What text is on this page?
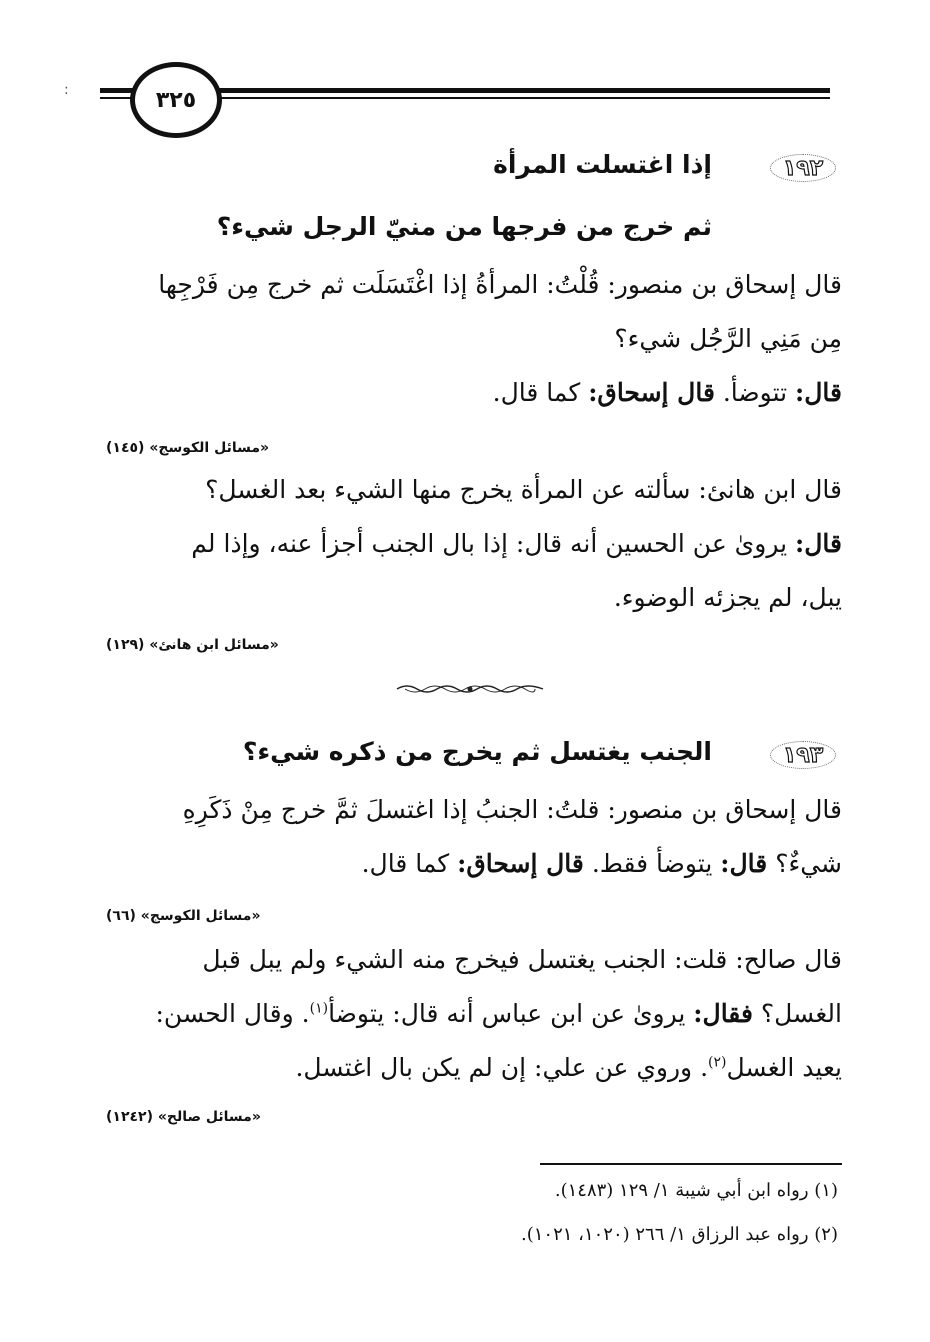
:	٣٢٥
١٩٢
إذا اغتسلت المرأة
ثم خرج من فرجها من منيّ الرجل شيء؟
قال إسحاق بن منصور: قُلْتُ: المرأةُ إذا اغْتَسَلَت ثم خرج مِن فَرْجِها
مِن مَنِي الرَّجُل شيء؟
قال: تتوضأ. قال إسحاق: كما قال.
«مسائل الكوسج» (١٤٥)
قال ابن هانئ: سألته عن المرأة يخرج منها الشيء بعد الغسل؟
قال: يروىٰ عن الحسين أنه قال: إذا بال الجنب أجزأ عنه، وإذا لم
يبل، لم يجزئه الوضوء.
«مسائل ابن هانئ» (١٢٩)
١٩٣
الجنب يغتسل ثم يخرج من ذكره شيء؟
قال إسحاق بن منصور: قلتُ: الجنبُ إذا اغتسلَ ثمَّ خرج مِنْ ذَكَرِهِ
شيءٌ؟ قال: يتوضأ فقط. قال إسحاق: كما قال.
«مسائل الكوسج» (٦٦)
قال صالح: قلت: الجنب يغتسل فيخرج منه الشيء ولم يبل قبل
الغسل؟ فقال: يروىٰ عن ابن عباس أنه قال: يتوضأ$^{(١)}$. وقال الحسن:
يعيد الغسل$^{(٢)}$. وروي عن علي: إن لم يكن بال اغتسل.
«مسائل صالح» (١٢٤٢)
(١) رواه ابن أبي شيبة ١/ ١٢٩ (١٤٨٣).
(٢) رواه عبد الرزاق ١/ ٢٦٦ (١٠٢٠، ١٠٢١).
